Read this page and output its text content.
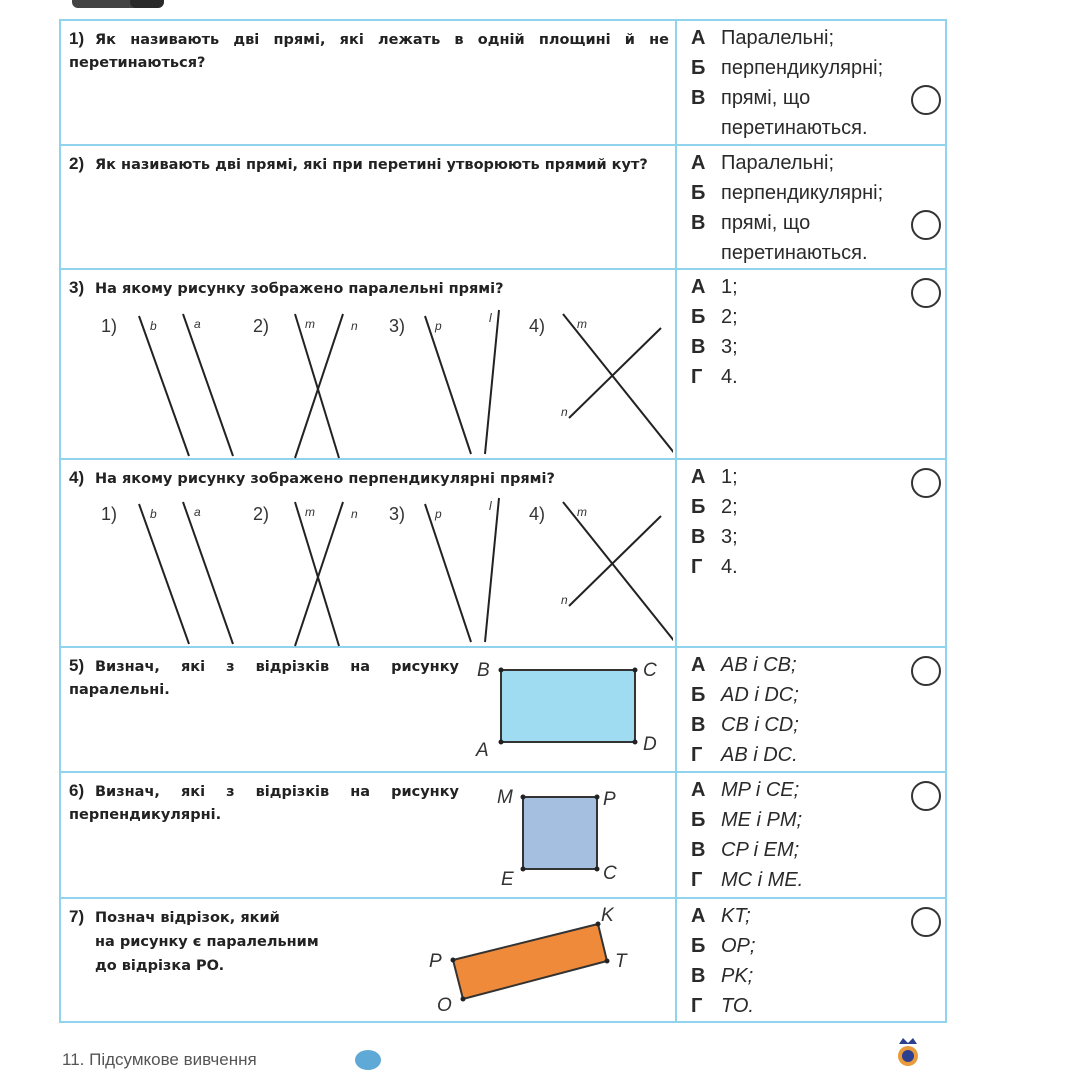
1) Як називають дві прямі, які лежать в одній площині й не перетинаються?
А Паралельні;
Б перпендикулярні;
В прямі, що перетинаються.
2) Як називають дві прямі, які при перетині утворюють прямий кут?	А Паралельні;
Б перпендикулярні;
В прямі, що перетинаються.
3) На якому рисунку зображено паралельні прямі?
1)	2)	3)	4)
b	a	m	n	p
l	m
n
А 1;
Б 2;
В 3;
Г 4.
4) На якому рисунку зображено перпендикулярні прямі?
1)	2)	3)	4)
b	a	m	n	p
l	m
n
А 1;
Б 2;
В 3;
Г 4.
5) Визнач, які з відрізків на рисунку паралельні.
B	C
A	D
А AB і CB;
Б AD і DC;
В CB і CD;
Г AB і DC.
6) Визнач, які з відрізків на рисунку перпендикулярні.
M	P
E	C
А MP і CE;
Б ME і PM;
В CP і EM;
Г MC і ME.
7) Познач відрізок, який
на рисунку є паралельним
до відрізка PO.
K
P	T
O
А KT;
Б OP;
В PK;
Г TO.
11. Підсумкове вивчення
